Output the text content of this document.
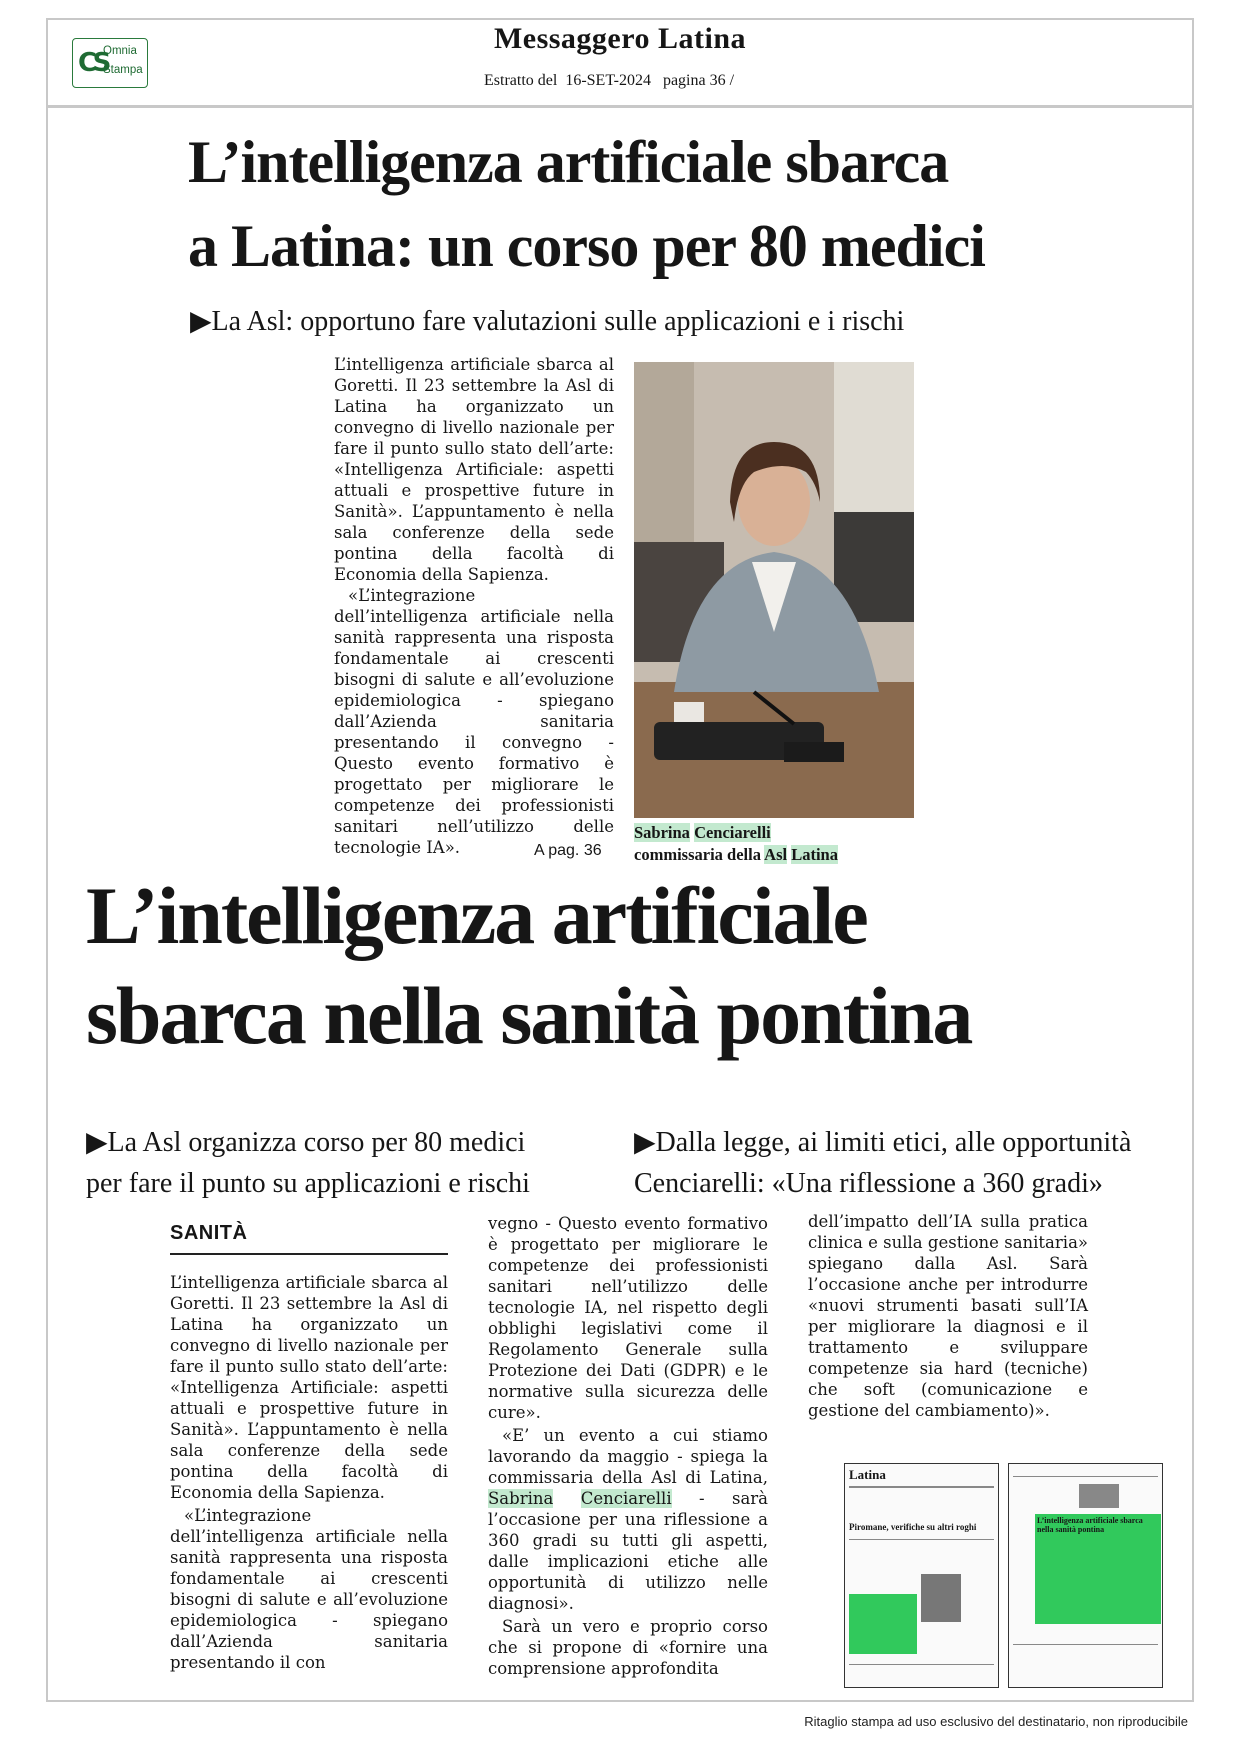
CS
Omnia
Stampa
Messaggero Latina
Estratto del  16-SET-2024   pagina 36 /
L’intelligenza artificiale sbarca
a Latina: un corso per 80 medici
▶La Asl: opportuno fare valutazioni sulle applicazioni e i rischi

L’intelligenza artificiale sbarca al Goretti. Il 23 settembre la Asl di Latina ha organizzato un convegno di livello nazionale per fare il punto sullo stato dell’arte: «Intelligenza Artificiale: aspetti attuali e prospettive future in Sanità». L’appuntamento è nella sala conferenze della sede pontina della facoltà di Economia della Sapienza.

«L’integrazione dell’intelligenza artificiale nella sanità rappresenta una risposta fondamentale ai crescenti bisogni di salute e all’evoluzione epidemiologica - spiegano dall’Azienda sanitaria presentando il convegno - Questo evento formativo è progettato per migliorare le competenze dei professionisti sanitari nell’utilizzo delle tecnologie IA».	A pag. 36
Sabrina Cenciarelli
commissaria della Asl Latina
L’intelligenza artificiale
sbarca nella sanità pontina
▶La Asl organizza corso per 80 medici
per fare il punto su applicazioni e rischi
▶Dalla legge, ai limiti etici, alle opportunità
Cenciarelli: «Una riflessione a 360 gradi»
SANITÀ

L’intelligenza artificiale sbarca al Goretti. Il 23 settembre la Asl di Latina ha organizzato un convegno di livello nazionale per fare il punto sullo stato dell’arte: «Intelligenza Artificiale: aspetti attuali e prospettive future in Sanità». L’appuntamento è nella sala conferenze della sede pontina della facoltà di Economia della Sapienza.

«L’integrazione dell’intelligenza artificiale nella sanità rappresenta una risposta fondamentale ai crescenti bisogni di salute e all’evoluzione epidemiologica - spiegano dall’Azienda sanitaria presentando il con

vegno - Questo evento formativo è progettato per migliorare le competenze dei professionisti sanitari nell’utilizzo delle tecnologie IA, nel rispetto degli obblighi legislativi come il Regolamento Generale sulla Protezione dei Dati (GDPR) e le normative sulla sicurezza delle cure».

«E’ un evento a cui stiamo lavorando da maggio - spiega la commissaria della Asl di Latina, Sabrina Cenciarelli - sarà l’occasione per una riflessione a 360 gradi su tutti gli aspetti, dalle implicazioni etiche alle opportunità di utilizzo nelle diagnosi».

Sarà un vero e proprio corso che si propone di «fornire una comprensione approfondita

dell’impatto dell’IA sulla pratica clinica e sulla gestione sanitaria» spiegano dalla Asl. Sarà l’occasione anche per introdurre «nuovi strumenti basati sull’IA per migliorare la diagnosi e il trattamento e sviluppare competenze sia hard (tecniche) che soft (comunicazione e gestione del cambiamento)».

Latina
Piromane, verifiche su altri roghi
L’intelligenza artificiale sbarca nella sanità pontina
Ritaglio stampa ad uso esclusivo del destinatario, non riproducibile
